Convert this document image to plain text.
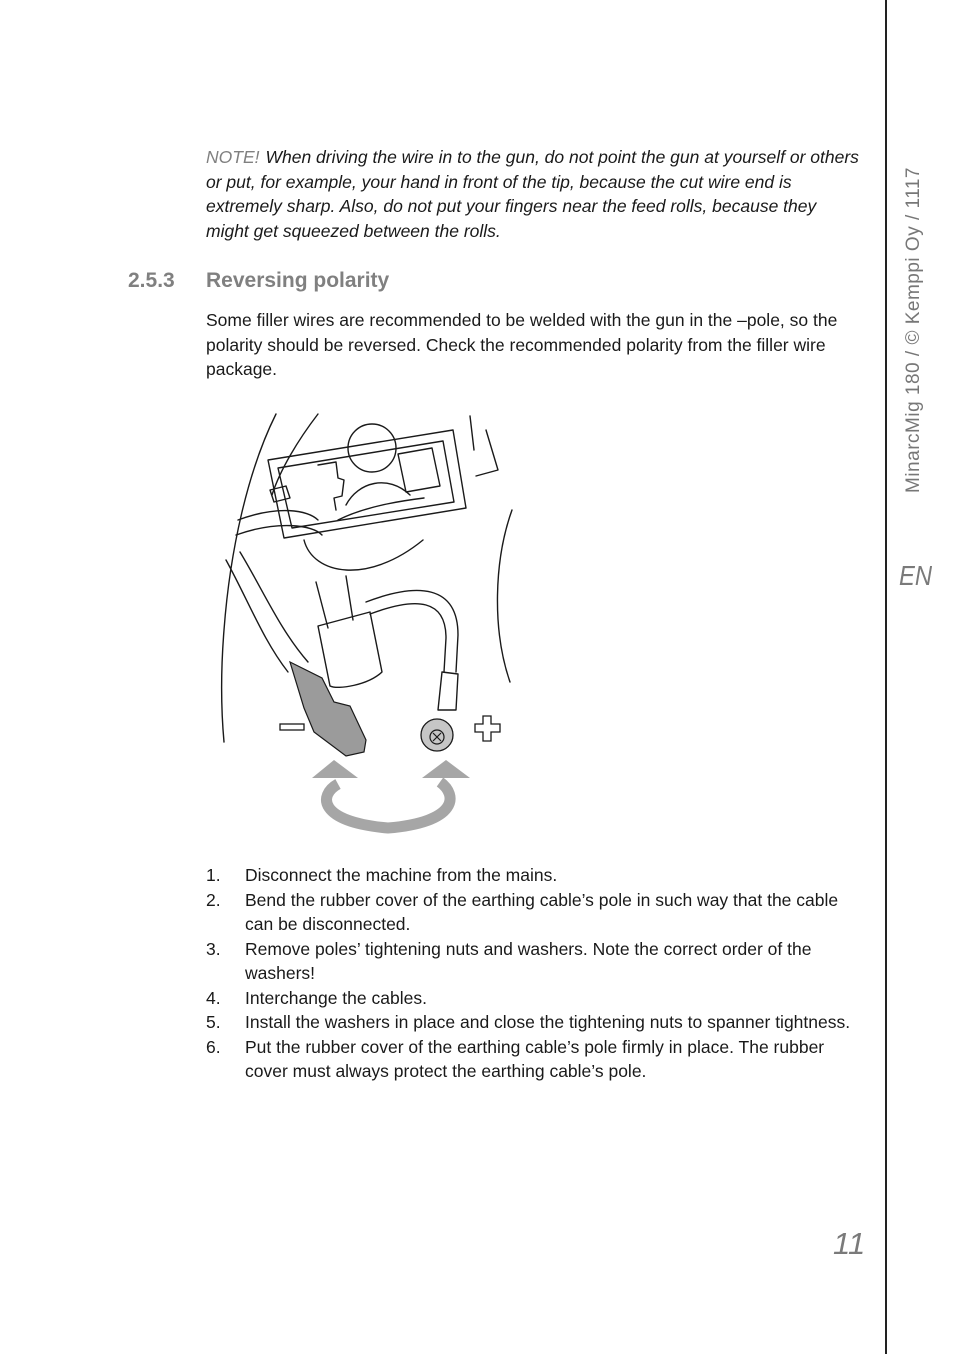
MinarcMig 180 / © Kemppi Oy / 1117
EN
11
NOTE! When driving the wire in to the gun, do not point the gun at yourself or others or put, for example, your hand in front of the tip, because the cut wire end is extremely sharp. Also, do not put your fingers near the feed rolls, because they might get squeezed between the rolls.
2.5.3 Reversing polarity
Some filler wires are recommended to be welded with the gun in the –pole, so the polarity should be reversed. Check the recommended polarity from the filler wire package.
1.	Disconnect the machine from the mains.
2.	Bend the rubber cover of the earthing cable’s pole in such way that the cable can be disconnected.
3.	Remove poles’ tightening nuts and washers. Note the correct order of the washers!
4.	Interchange the cables.
5.	Install the washers in place and close the tightening nuts to spanner tightness.
6.	Put the rubber cover of the earthing cable’s pole firmly in place. The rubber cover must always protect the earthing cable’s pole.
